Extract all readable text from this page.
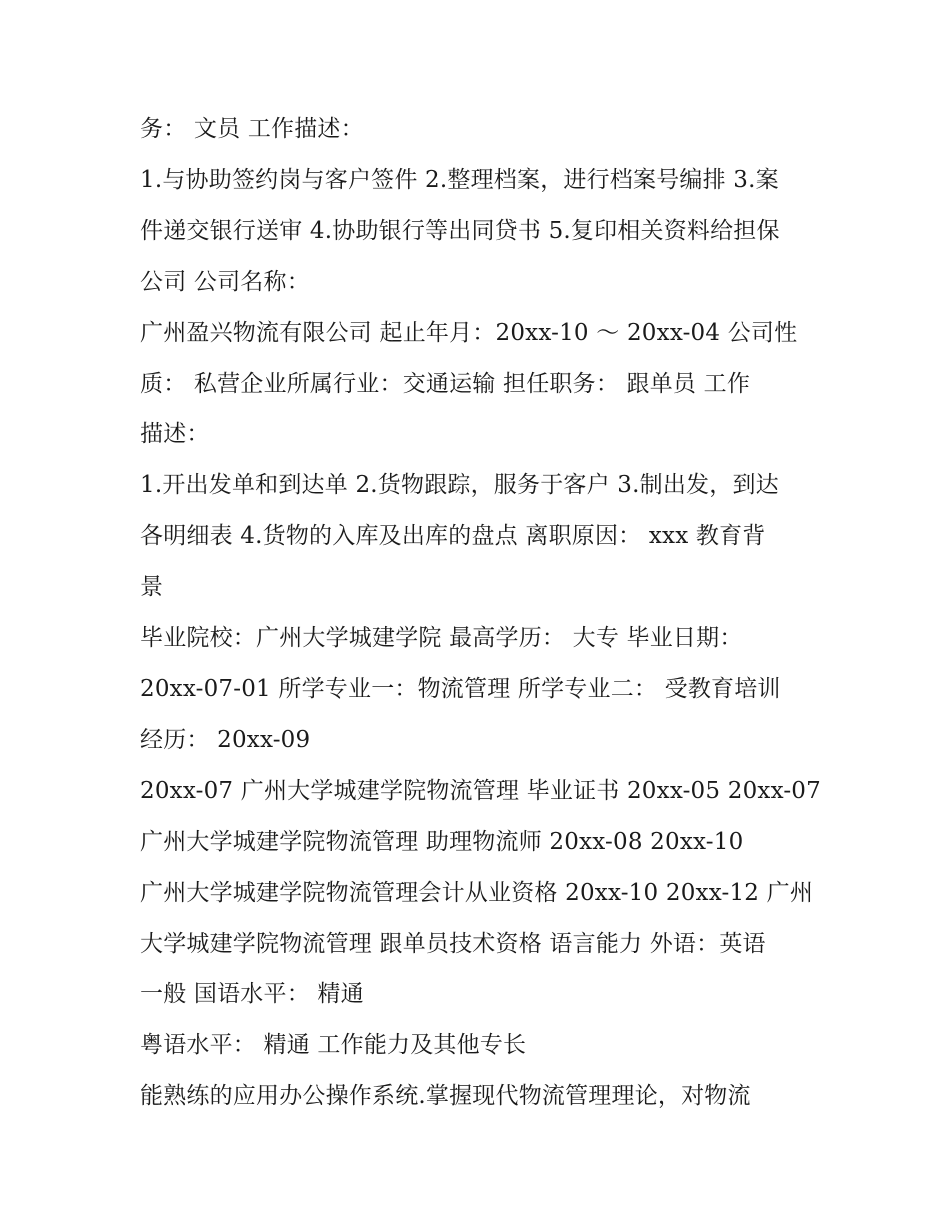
务： 文员 工作描述：
1.与协助签约岗与客户签件 2.整理档案，进行档案号编排 3.案
件递交银行送审 4.协助银行等出同贷书 5.复印相关资料给担保
公司 公司名称：
广州盈兴物流有限公司 起止年月：20xx-10 ～ 20xx-04 公司性
质： 私营企业所属行业：交通运输 担任职务： 跟单员 工作
描述：
1.开出发单和到达单 2.货物跟踪，服务于客户 3.制出发，到达
各明细表 4.货物的入库及出库的盘点 离职原因： xxx 教育背
景
毕业院校：广州大学城建学院 最高学历： 大专 毕业日期：
20xx-07-01 所学专业一：物流管理 所学专业二： 受教育培训
经历： 20xx-09
20xx-07 广州大学城建学院物流管理 毕业证书 20xx-05 20xx-07
广州大学城建学院物流管理 助理物流师 20xx-08 20xx-10
广州大学城建学院物流管理会计从业资格 20xx-10 20xx-12 广州
大学城建学院物流管理 跟单员技术资格 语言能力 外语：英语
一般 国语水平： 精通
粤语水平： 精通 工作能力及其他专长
能熟练的应用办公操作系统.掌握现代物流管理理论，对物流
